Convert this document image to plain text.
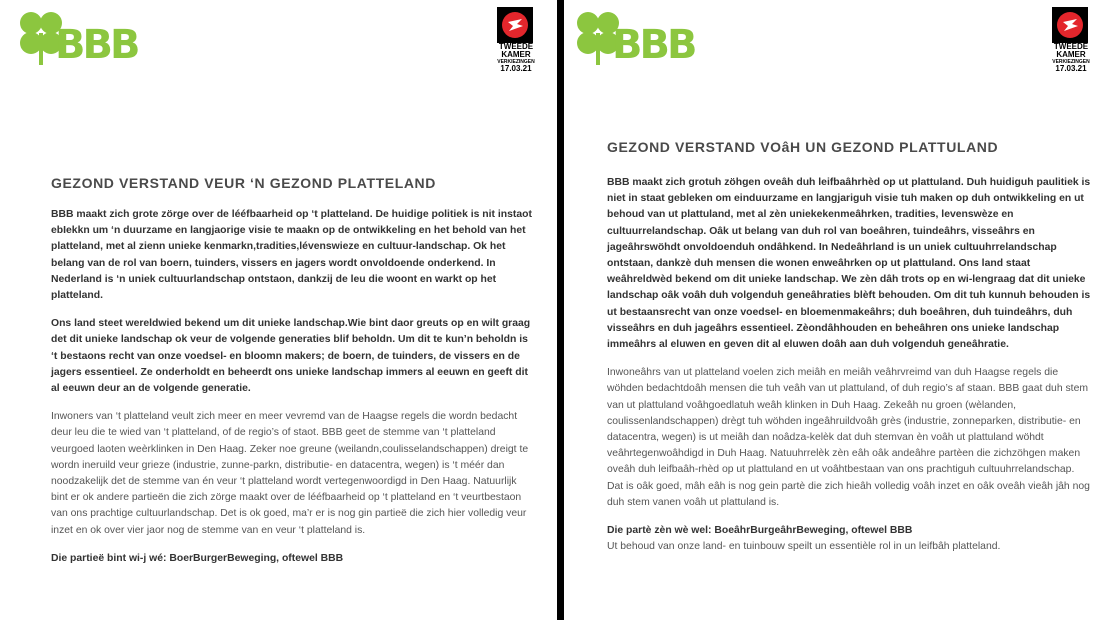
BBB	TWEEDE
KAMER
VERKIEZINGEN
17.03.21
GEZOND VERSTAND VEUR ‘N GEZOND PLATTELAND

BBB maakt zich grote zörge over de lééfbaarheid op ‘t platteland. De huidige politiek is nit instaot ebIekkn um ‘n duurzame en langjaorige visie te maakn op de ontwikkeling en het behold van het platteland, met al zienn unieke kenmarkn,tradities,lévenswieze en cultuur-landschap. Ok het belang van de rol van boern, tuinders, vissers en jagers wordt onvoldoende onderkend. In Nederland is ‘n uniek cultuurlandschap ontstaon, dankzij de leu die woont en warkt op het platteland.

Ons land steet wereldwied bekend um dit unieke landschap.Wie bint daor greuts op en wilt graag det dit unieke landschap ok veur de volgende generaties blif beholdn. Um dit te kun’n beholdn is ‘t bestaons recht van onze voedsel- en bloomn makers; de boern, de tuinders, de vissers en de jagers essentieel. Ze onderholdt en beheerdt ons unieke landschap immers al eeuwn en geeft dit al eeuwn deur an de volgende generatie.

Inwoners van ‘t platteland veult zich meer en meer vevremd van de Haagse regels die wordn bedacht deur leu die te wied van ‘t platteland, of de regio’s of staot. BBB geet de stemme van ‘t platteland veurgoed laoten weèrklinken in Den Haag. Zeker noe greune (weilandn,coulisselandschappen) dreigt te wordn ineruild veur grieze (industrie, zunne-parkn, distributie- en datacentra, wegen) is ‘t méér dan noodzakelijk det de stemme van én veur ‘t platteland wordt vertegenwoordigd in Den Haag. Natuurlijk bint er ok andere partieën die zich zörge maakt over de lééfbaarheid op ‘t platteland en ‘t veurtbestaon van ons prachtige cultuurlandschap. Det is ok goed, ma’r er is nog gin partieë die zich hier volledig veur inzet en ok over vier jaor nog de stemme van en veur ‘t platteland is.

Die partieë bint wi-j wé: BoerBurgerBeweging, oftewel BBB

BBB	TWEEDE
KAMER
VERKIEZINGEN
17.03.21
GEZOND VERSTAND VOâH UN GEZOND PLATTULAND

BBB maakt zich grotuh zöhgen oveâh duh leifbaâhrhèd op ut plattuland. Duh huidiguh paulitiek is niet in staat gebleken om einduurzame en langjariguh visie tuh maken op duh ontwikkeling en ut behoud van ut plattuland, met al zèn uniekekenmeâhrken, tradities, levenswèze en cultuurrelandschap. Oâk ut belang van duh rol van boeâhren, tuindeâhrs, visseâhrs en jageâhrswöhdt onvoldoenduh ondâhkend. In Nedeâhrland is un uniek cultuuhrrelandschap ontstaan, dankzè duh mensen die wonen enweâhrken op ut plattuland. Ons land staat weâhreldwèd bekend om dit unieke landschap. We zèn dâh trots op en wi-lengraag dat dit unieke landschap oâk voâh duh volgenduh geneâhraties blèft behouden. Om dit tuh kunnuh behouden is ut bestaansrecht van onze voedsel- en bloemenmakeâhrs; duh boeâhren, duh tuindeâhrs, duh visseâhrs en duh jageâhrs essentieel. Zèondâhhouden en beheâhren ons unieke landschap immeâhrs al eluwen en geven dit al eluwen doâh aan duh volgenduh geneâhratie.

Inwoneâhrs van ut platteland voelen zich meiâh en meiâh veâhrvreimd van duh Haagse regels die wöhden bedachtdoâh mensen die tuh veâh van ut plattuland, of duh regio’s af staan. BBB gaat duh stem van ut plattuland voâhgoedlatuh weâh klinken in Duh Haag. Zekeâh nu groen (wèlanden, coulissenlandschappen) drègt tuh wöhden ingeâhruildvoâh grès (industrie, zonneparken, distributie- en datacentra, wegen) is ut meiâh dan noâdza-kelèk dat duh stemvan èn voâh ut plattuland wöhdt veâhrtegenwoâhdigd in Duh Haag. Natuuhrrelèk zèn eâh oâk andeâhre partèen die zichzöhgen maken oveâh duh leifbaâh-rhèd op ut plattuland en ut voâhtbestaan van ons prachtiguh cultuuhrrelandschap. Dat is oâk goed, mâh eâh is nog gein partè die zich hieâh volledig voâh inzet en oâk oveâh vieâh jâh nog duh stem vanen voâh ut plattuland is.

Die partè zèn wè wel: BoeâhrBurgeâhrBeweging, oftewel BBB

Ut behoud van onze land- en tuinbouw speilt un essentièle rol in un leifbâh platteland.
